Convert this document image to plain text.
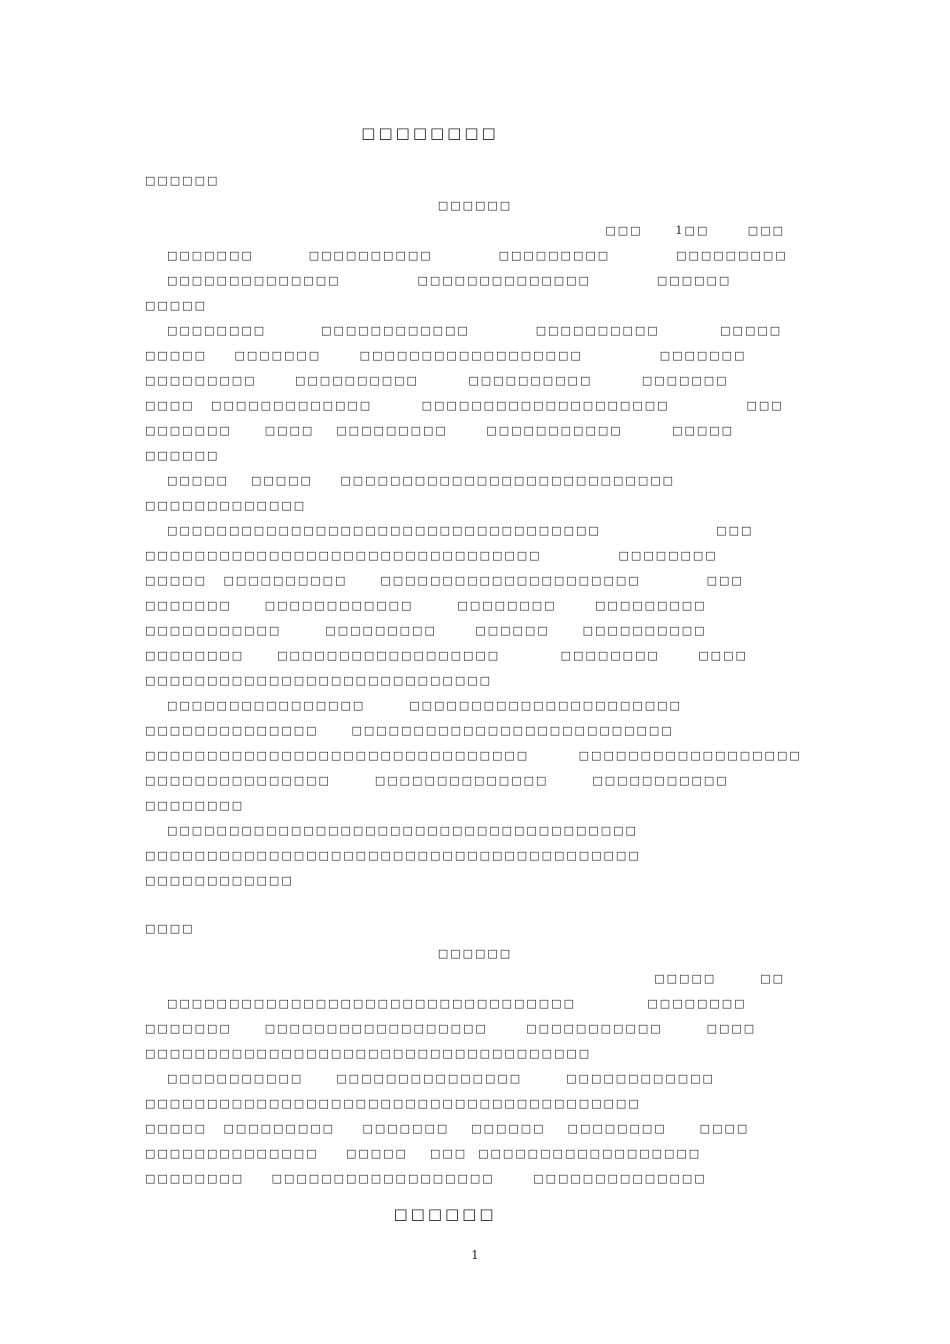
□□□□□□□□
□□□□□□
□□□□□□
□□□      1□□       □□□
□□□□□□□          □□□□□□□□□□            □□□□□□□□□            □□□□□□□□□
□□□□□□□□□□□□□□              □□□□□□□□□□□□□□            □□□□□□
□□□□□
□□□□□□□□          □□□□□□□□□□□□            □□□□□□□□□□           □□□□□
□□□□□     □□□□□□□       □□□□□□□□□□□□□□□□□□              □□□□□□□
□□□□□□□□□       □□□□□□□□□□         □□□□□□□□□□         □□□□□□□
□□□□   □□□□□□□□□□□□□         □□□□□□□□□□□□□□□□□□□□              □□□
□□□□□□□      □□□□    □□□□□□□□□       □□□□□□□□□□□         □□□□□
□□□□□□
□□□□□    □□□□□     □□□□□□□□□□□□□□□□□□□□□□□□□□□
□□□□□□□□□□□□□
□□□□□□□□□□□□□□□□□□□□□□□□□□□□□□□□□□□                     □□□
□□□□□□□□□□□□□□□□□□□□□□□□□□□□□□□□              □□□□□□□□
□□□□□   □□□□□□□□□□      □□□□□□□□□□□□□□□□□□□□□            □□□
□□□□□□□      □□□□□□□□□□□□        □□□□□□□□       □□□□□□□□□
□□□□□□□□□□□        □□□□□□□□□       □□□□□□      □□□□□□□□□□
□□□□□□□□      □□□□□□□□□□□□□□□□□□           □□□□□□□□       □□□□
□□□□□□□□□□□□□□□□□□□□□□□□□□□□
□□□□□□□□□□□□□□□□        □□□□□□□□□□□□□□□□□□□□□□
□□□□□□□□□□□□□□      □□□□□□□□□□□□□□□□□□□□□□□□□□
□□□□□□□□□□□□□□□□□□□□□□□□□□□□□□□         □□□□□□□□□□□□□□□□□□
□□□□□□□□□□□□□□□        □□□□□□□□□□□□□□        □□□□□□□□□□□
□□□□□□□□
□□□□□□□□□□□□□□□□□□□□□□□□□□□□□□□□□□□□□□
□□□□□□□□□□□□□□□□□□□□□□□□□□□□□□□□□□□□□□□□
□□□□□□□□□□□□
□□□□
□□□□□□
□□□□□        □□
□□□□□□□□□□□□□□□□□□□□□□□□□□□□□□□□□             □□□□□□□□
□□□□□□□      □□□□□□□□□□□□□□□□□□       □□□□□□□□□□□        □□□□
□□□□□□□□□□□□□□□□□□□□□□□□□□□□□□□□□□□□
□□□□□□□□□□□      □□□□□□□□□□□□□□□        □□□□□□□□□□□□
□□□□□□□□□□□□□□□□□□□□□□□□□□□□□□□□□□□□□□□□
□□□□□   □□□□□□□□□     □□□□□□□    □□□□□□    □□□□□□□□      □□□□
□□□□□□□□□□□□□□     □□□□□    □□□  □□□□□□□□□□□□□□□□□□
□□□□□□□□     □□□□□□□□□□□□□□□□□□       □□□□□□□□□□□□□□
□□□□□□
1
